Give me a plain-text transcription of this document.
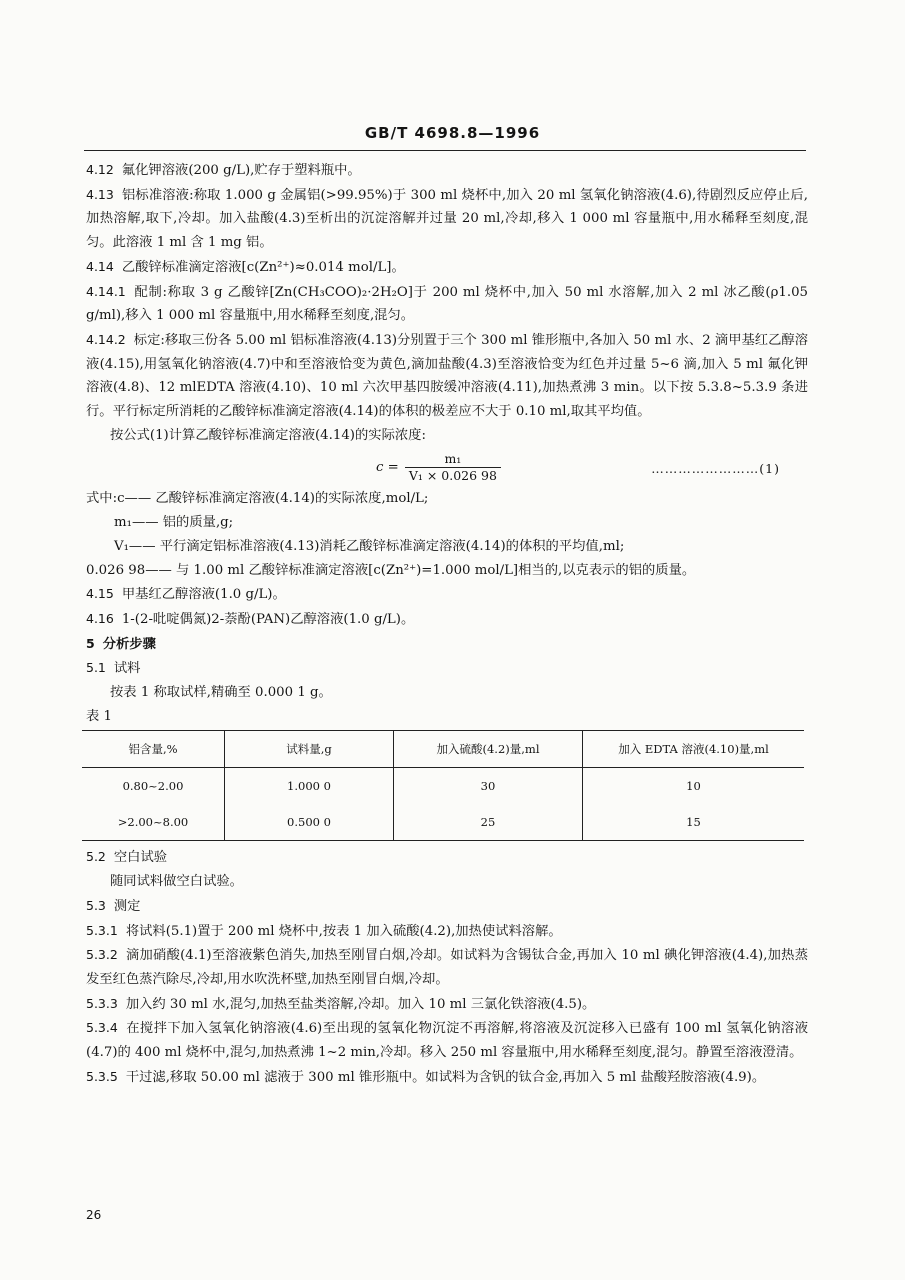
GB/T 4698.8—1996

4.12 氟化钾溶液(200 g/L),贮存于塑料瓶中。

4.13 铝标准溶液:称取 1.000 g 金属铝(>99.95%)于 300 ml 烧杯中,加入 20 ml 氢氧化钠溶液(4.6),待剧烈反应停止后,加热溶解,取下,冷却。加入盐酸(4.3)至析出的沉淀溶解并过量 20 ml,冷却,移入 1 000 ml 容量瓶中,用水稀释至刻度,混匀。此溶液 1 ml 含 1 mg 铝。

4.14 乙酸锌标准滴定溶液[c(Zn²⁺)≈0.014 mol/L]。

4.14.1 配制:称取 3 g 乙酸锌[Zn(CH₃COO)₂·2H₂O]于 200 ml 烧杯中,加入 50 ml 水溶解,加入 2 ml 冰乙酸(ρ1.05 g/ml),移入 1 000 ml 容量瓶中,用水稀释至刻度,混匀。

4.14.2 标定:移取三份各 5.00 ml 铝标准溶液(4.13)分别置于三个 300 ml 锥形瓶中,各加入 50 ml 水、2 滴甲基红乙醇溶液(4.15),用氢氧化钠溶液(4.7)中和至溶液恰变为黄色,滴加盐酸(4.3)至溶液恰变为红色并过量 5~6 滴,加入 5 ml 氟化钾溶液(4.8)、12 mlEDTA 溶液(4.10)、10 ml 六次甲基四胺缓冲溶液(4.11),加热煮沸 3 min。以下按 5.3.8~5.3.9 条进行。平行标定所消耗的乙酸锌标准滴定溶液(4.14)的体积的极差应不大于 0.10 ml,取其平均值。

按公式(1)计算乙酸锌标准滴定溶液(4.14)的实际浓度:

$c = \frac{\text{m₁}}{\text{V₁ × 0.026 98}}$	……………………(1)

式中:c—— 乙酸锌标准滴定溶液(4.14)的实际浓度,mol/L;

m₁—— 铝的质量,g;

V₁—— 平行滴定铝标准溶液(4.13)消耗乙酸锌标准滴定溶液(4.14)的体积的平均值,ml;

0.026 98—— 与 1.00 ml 乙酸锌标准滴定溶液[c(Zn²⁺)=1.000 mol/L]相当的,以克表示的铝的质量。

4.15 甲基红乙醇溶液(1.0 g/L)。

4.16 1-(2-吡啶偶氮)2-萘酚(PAN)乙醇溶液(1.0 g/L)。

5 分析步骤

5.1 试料

按表 1 称取试样,精确至 0.000 1 g。

表 1

铝含量,%	试料量,g	加入硫酸(4.2)量,ml	加入 EDTA 溶液(4.10)量,ml
0.80~2.00	1.000 0	30	10
>2.00~8.00	0.500 0	25	15

5.2 空白试验

随同试料做空白试验。

5.3 测定

5.3.1 将试料(5.1)置于 200 ml 烧杯中,按表 1 加入硫酸(4.2),加热使试料溶解。

5.3.2 滴加硝酸(4.1)至溶液紫色消失,加热至刚冒白烟,冷却。如试料为含锡钛合金,再加入 10 ml 碘化钾溶液(4.4),加热蒸发至红色蒸汽除尽,冷却,用水吹洗杯壁,加热至刚冒白烟,冷却。

5.3.3 加入约 30 ml 水,混匀,加热至盐类溶解,冷却。加入 10 ml 三氯化铁溶液(4.5)。

5.3.4 在搅拌下加入氢氧化钠溶液(4.6)至出现的氢氧化物沉淀不再溶解,将溶液及沉淀移入已盛有 100 ml 氢氧化钠溶液(4.7)的 400 ml 烧杯中,混匀,加热煮沸 1~2 min,冷却。移入 250 ml 容量瓶中,用水稀释至刻度,混匀。静置至溶液澄清。

5.3.5 干过滤,移取 50.00 ml 滤液于 300 ml 锥形瓶中。如试料为含钒的钛合金,再加入 5 ml 盐酸羟胺溶液(4.9)。

26
